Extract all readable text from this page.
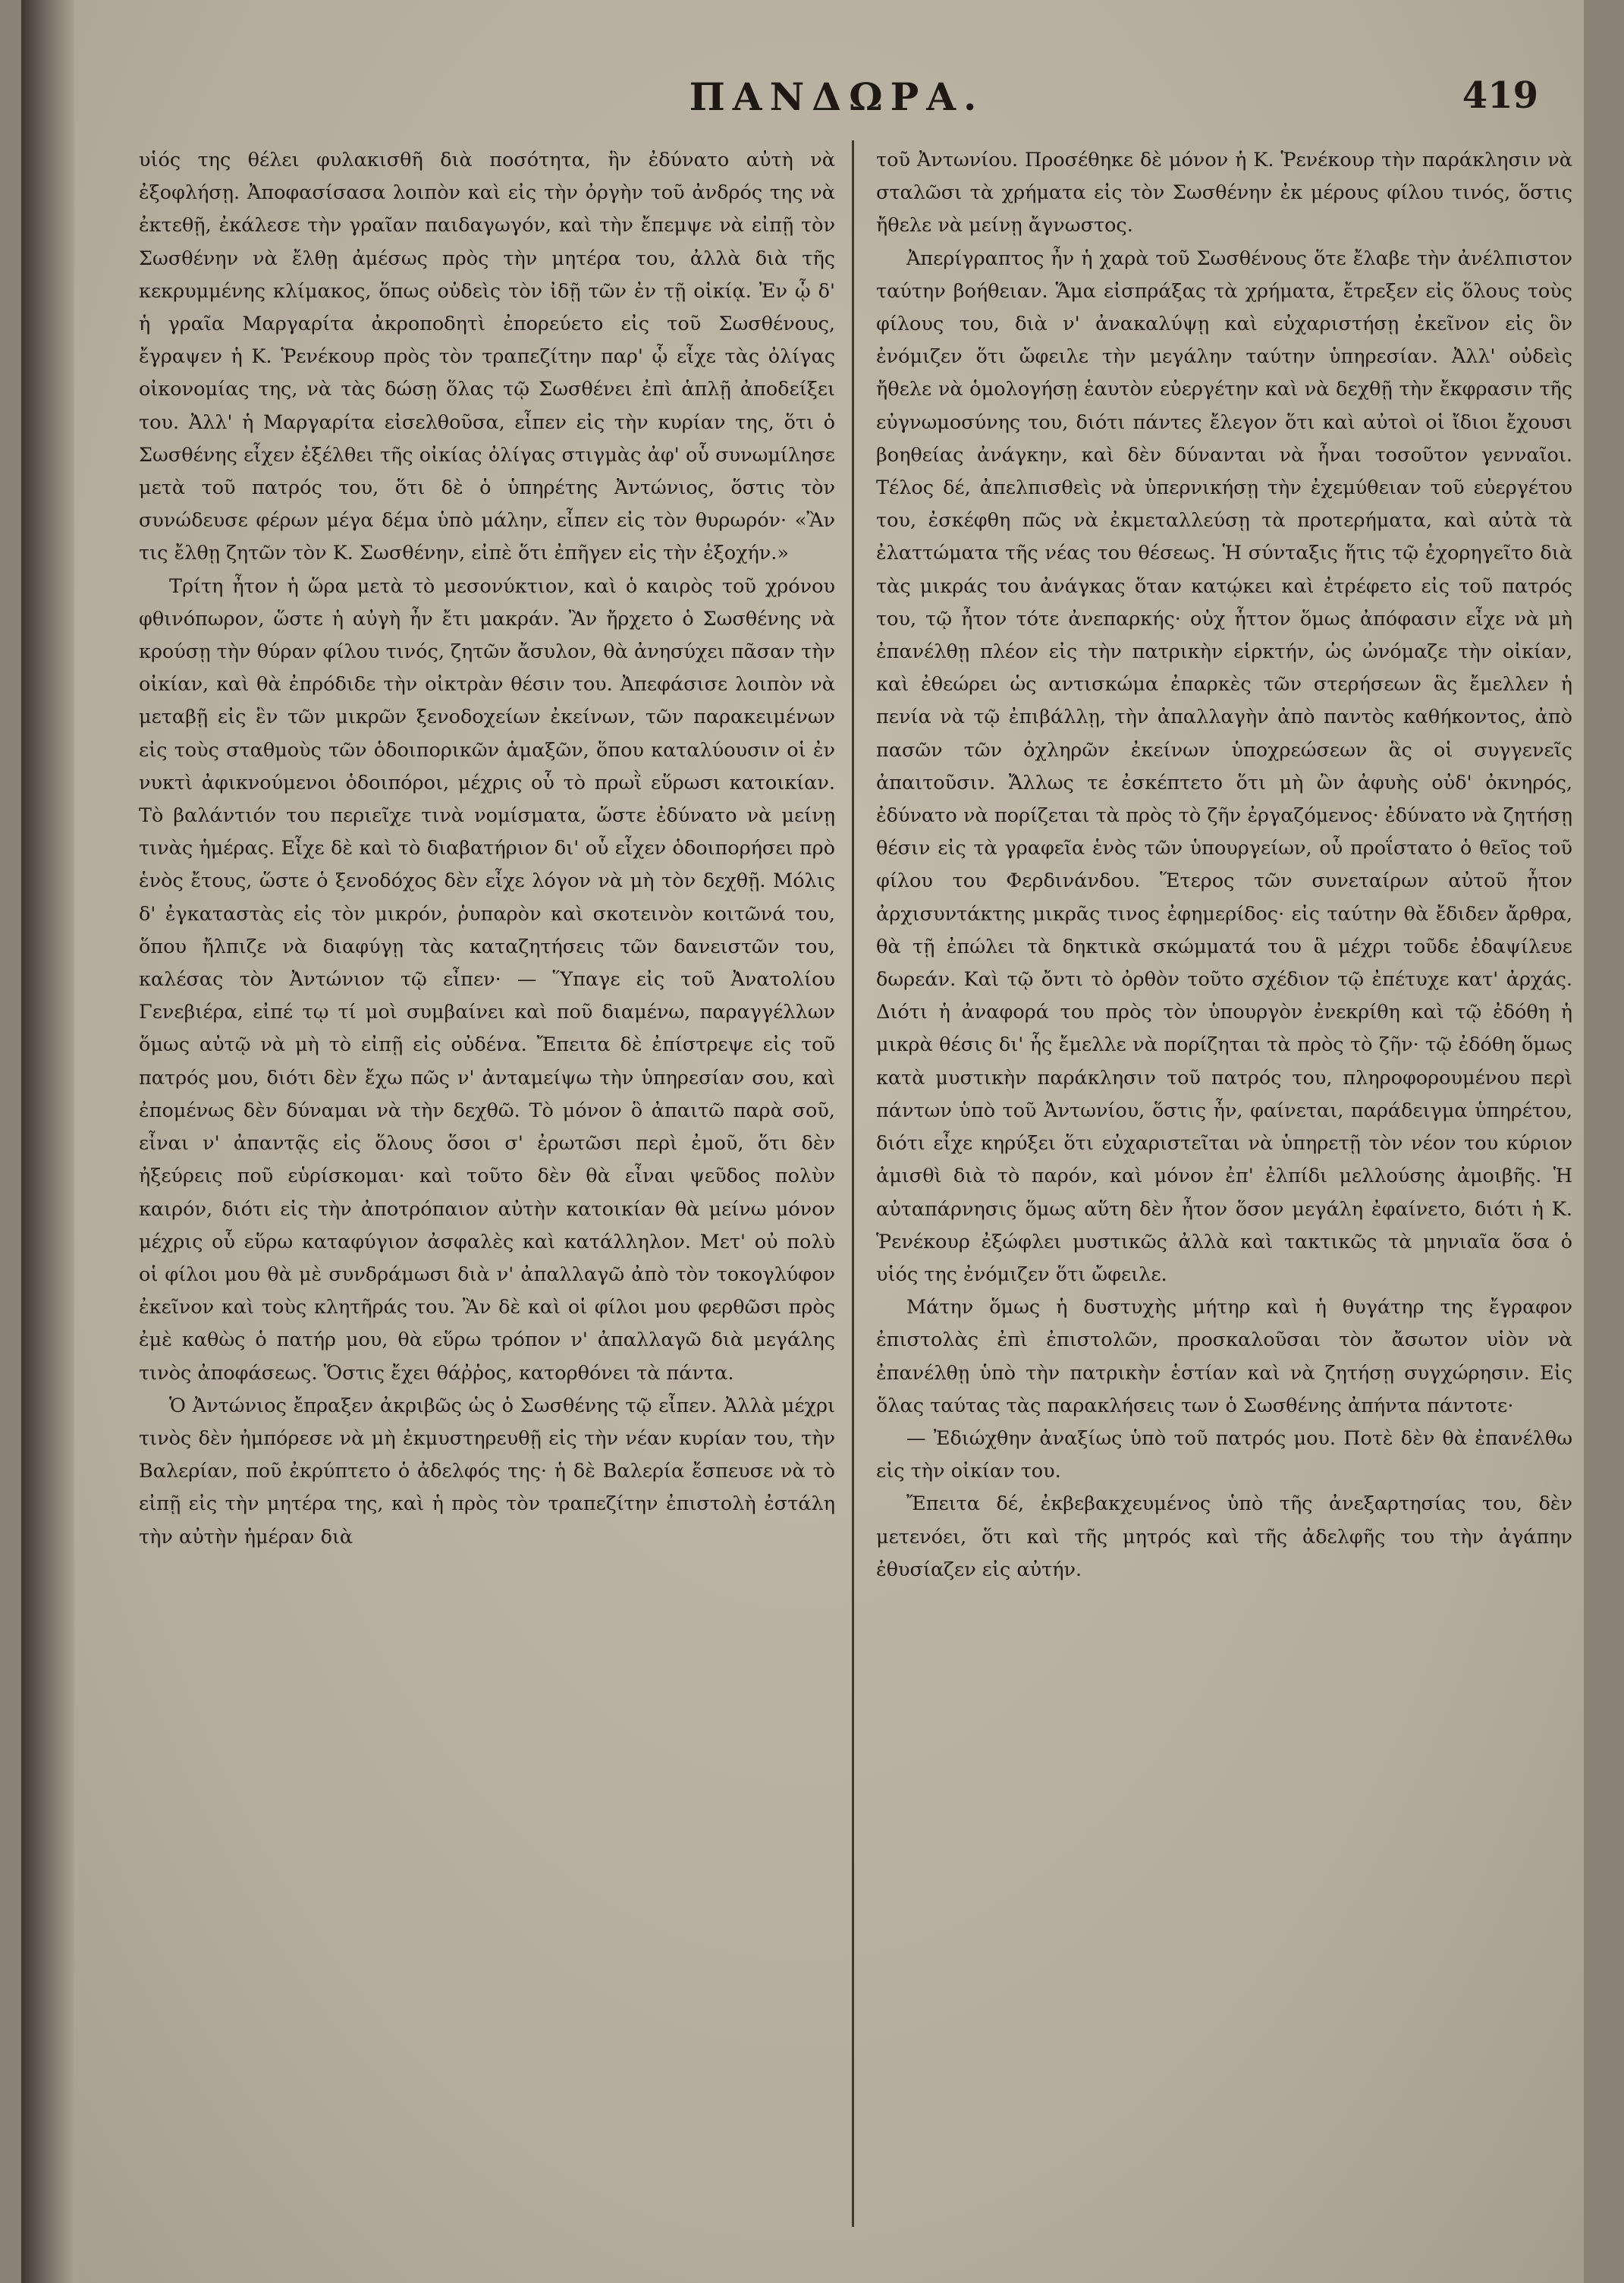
ΠΑΝΔΩΡΑ.	419

υἱός της θέλει φυλακισθῆ διὰ ποσότητα, ἣν ἐδύνατο αὐτὴ νὰ ἐξοφλήσῃ. Ἀποφασίσασα λοιπὸν καὶ εἰς τὴν ὀργὴν τοῦ ἀνδρός της νὰ ἐκτεθῇ, ἐκάλεσε τὴν γραῖαν παιδαγωγόν, καὶ τὴν ἔπεμψε νὰ εἰπῇ τὸν Σωσθένην νὰ ἔλθῃ ἀμέσως πρὸς τὴν μητέρα του, ἀλλὰ διὰ τῆς κεκρυμμένης κλίμακος, ὅπως οὐδεὶς τὸν ἰδῇ τῶν ἐν τῇ οἰκίᾳ. Ἐν ᾧ δ' ἡ γραῖα Μαργαρίτα ἀκροποδητὶ ἐπορεύετο εἰς τοῦ Σωσθένους, ἔγραψεν ἡ Κ. Ῥενέκουρ πρὸς τὸν τραπεζίτην παρ' ᾧ εἶχε τὰς ὀλίγας οἰκονομίας της, νὰ τὰς δώσῃ ὅλας τῷ Σωσθένει ἐπὶ ἁπλῇ ἀποδείξει του. Ἀλλ' ἡ Μαργαρίτα εἰσελθοῦσα, εἶπεν εἰς τὴν κυρίαν της, ὅτι ὁ Σωσθένης εἶχεν ἐξέλθει τῆς οἰκίας ὀλίγας στιγμὰς ἀφ' οὗ συνωμίλησε μετὰ τοῦ πατρός του, ὅτι δὲ ὁ ὑπηρέτης Ἀντώνιος, ὅστις τὸν συνώδευσε φέρων μέγα δέμα ὑπὸ μάλην, εἶπεν εἰς τὸν θυρωρόν· «Ἂν τις ἔλθῃ ζητῶν τὸν Κ. Σωσθένην, εἰπὲ ὅτι ἐπῆγεν εἰς τὴν ἐξοχήν.»

Τρίτη ἦτον ἡ ὥρα μετὰ τὸ μεσονύκτιον, καὶ ὁ καιρὸς τοῦ χρόνου φθινόπωρον, ὥστε ἡ αὐγὴ ἦν ἔτι μακράν. Ἂν ἤρχετο ὁ Σωσθένης νὰ κρούσῃ τὴν θύραν φίλου τινός, ζητῶν ἄσυλον, θὰ ἀνησύχει πᾶσαν τὴν οἰκίαν, καὶ θὰ ἐπρόδιδε τὴν οἰκτρὰν θέσιν του. Ἀπεφάσισε λοιπὸν νὰ μεταβῇ εἰς ἓν τῶν μικρῶν ξενοδοχείων ἐκείνων, τῶν παρακειμένων εἰς τοὺς σταθμοὺς τῶν ὁδοιπορικῶν ἁμαξῶν, ὅπου καταλύουσιν οἱ ἐν νυκτὶ ἀφικνούμενοι ὁδοιπόροι, μέχρις οὗ τὸ πρωῒ εὕρωσι κατοικίαν. Τὸ βαλάντιόν του περιεῖχε τινὰ νομίσματα, ὥστε ἐδύνατο νὰ μείνῃ τινὰς ἡμέρας. Εἶχε δὲ καὶ τὸ διαβατήριον δι' οὗ εἶχεν ὁδοιπορήσει πρὸ ἑνὸς ἔτους, ὥστε ὁ ξενοδόχος δὲν εἶχε λόγον νὰ μὴ τὸν δεχθῇ. Μόλις δ' ἐγκαταστὰς εἰς τὸν μικρόν, ῥυπαρὸν καὶ σκοτεινὸν κοιτῶνά του, ὅπου ἤλπιζε νὰ διαφύγῃ τὰς καταζητήσεις τῶν δανειστῶν του, καλέσας τὸν Ἀντώνιον τῷ εἶπεν· — Ὕπαγε εἰς τοῦ Ἀνατολίου Γενεβιέρα, εἰπέ τῳ τί μοὶ συμβαίνει καὶ ποῦ διαμένω, παραγγέλλων ὅμως αὐτῷ νὰ μὴ τὸ εἰπῇ εἰς οὐδένα. Ἔπειτα δὲ ἐπίστρεψε εἰς τοῦ πατρός μου, διότι δὲν ἔχω πῶς ν' ἀνταμείψω τὴν ὑπηρεσίαν σου, καὶ ἐπομένως δὲν δύναμαι νὰ τὴν δεχθῶ. Τὸ μόνον ὃ ἀπαιτῶ παρὰ σοῦ, εἶναι ν' ἀπαντᾷς εἰς ὅλους ὅσοι σ' ἐρωτῶσι περὶ ἐμοῦ, ὅτι δὲν ἠξεύρεις ποῦ εὑρίσκομαι· καὶ τοῦτο δὲν θὰ εἶναι ψεῦδος πολὺν καιρόν, διότι εἰς τὴν ἀποτρόπαιον αὐτὴν κατοικίαν θὰ μείνω μόνον μέχρις οὗ εὕρω καταφύγιον ἀσφαλὲς καὶ κατάλληλον. Μετ' οὐ πολὺ οἱ φίλοι μου θὰ μὲ συνδράμωσι διὰ ν' ἀπαλλαγῶ ἀπὸ τὸν τοκογλύφον ἐκεῖνον καὶ τοὺς κλητῆράς του. Ἂν δὲ καὶ οἱ φίλοι μου φερθῶσι πρὸς ἐμὲ καθὼς ὁ πατήρ μου, θὰ εὕρω τρόπον ν' ἀπαλλαγῶ διὰ μεγάλης τινὸς ἀποφάσεως. Ὅστις ἔχει θάῤῥος, κατορθόνει τὰ πάντα.

Ὁ Ἀντώνιος ἔπραξεν ἀκριβῶς ὡς ὁ Σωσθένης τῷ εἶπεν. Ἀλλὰ μέχρι τινὸς δὲν ἠμπόρεσε νὰ μὴ ἐκμυστηρευθῇ εἰς τὴν νέαν κυρίαν του, τὴν Βαλερίαν, ποῦ ἐκρύπτετο ὁ ἀδελφός της· ἡ δὲ Βαλερία ἔσπευσε νὰ τὸ εἰπῇ εἰς τὴν μητέρα της, καὶ ἡ πρὸς τὸν τραπεζίτην ἐπιστολὴ ἐστάλη τὴν αὐτὴν ἡμέραν διὰ

τοῦ Ἀντωνίου. Προσέθηκε δὲ μόνον ἡ Κ. Ῥενέκουρ τὴν παράκλησιν νὰ σταλῶσι τὰ χρήματα εἰς τὸν Σωσθένην ἐκ μέρους φίλου τινός, ὅστις ἤθελε νὰ μείνῃ ἄγνωστος.

Ἀπερίγραπτος ἦν ἡ χαρὰ τοῦ Σωσθένους ὅτε ἔλαβε τὴν ἀνέλπιστον ταύτην βοήθειαν. Ἅμα εἰσπράξας τὰ χρήματα, ἔτρεξεν εἰς ὅλους τοὺς φίλους του, διὰ ν' ἀνακαλύψῃ καὶ εὐχαριστήσῃ ἐκεῖνον εἰς ὃν ἐνόμιζεν ὅτι ὤφειλε τὴν μεγάλην ταύτην ὑπηρεσίαν. Ἀλλ' οὐδεὶς ἤθελε νὰ ὁμολογήσῃ ἑαυτὸν εὐεργέτην καὶ νὰ δεχθῇ τὴν ἔκφρασιν τῆς εὐγνωμοσύνης του, διότι πάντες ἔλεγον ὅτι καὶ αὐτοὶ οἱ ἴδιοι ἔχουσι βοηθείας ἀνάγκην, καὶ δὲν δύνανται νὰ ἦναι τοσοῦτον γενναῖοι. Τέλος δέ, ἀπελπισθεὶς νὰ ὑπερνικήσῃ τὴν ἐχεμύθειαν τοῦ εὐεργέτου του, ἐσκέφθη πῶς νὰ ἐκμεταλλεύσῃ τὰ προτερήματα, καὶ αὐτὰ τὰ ἐλαττώματα τῆς νέας του θέσεως. Ἡ σύνταξις ἥτις τῷ ἐχορηγεῖτο διὰ τὰς μικράς του ἀνάγκας ὅταν κατῴκει καὶ ἐτρέφετο εἰς τοῦ πατρός του, τῷ ἦτον τότε ἀνεπαρκής· οὐχ ἧττον ὅμως ἀπόφασιν εἶχε νὰ μὴ ἐπανέλθῃ πλέον εἰς τὴν πατρικὴν εἱρκτήν, ὡς ὠνόμαζε τὴν οἰκίαν, καὶ ἐθεώρει ὡς αντισκώμα ἐπαρκὲς τῶν στερήσεων ἃς ἔμελλεν ἡ πενία νὰ τῷ ἐπιβάλλῃ, τὴν ἀπαλλαγὴν ἀπὸ παντὸς καθήκοντος, ἀπὸ πασῶν τῶν ὀχληρῶν ἐκείνων ὑποχρεώσεων ἃς οἱ συγγενεῖς ἀπαιτοῦσιν. Ἄλλως τε ἐσκέπτετο ὅτι μὴ ὢν ἀφυὴς οὐδ' ὀκνηρός, ἐδύνατο νὰ πορίζεται τὰ πρὸς τὸ ζῆν ἐργαζόμενος· ἐδύνατο νὰ ζητήσῃ θέσιν εἰς τὰ γραφεῖα ἑνὸς τῶν ὑπουργείων, οὗ προΐστατο ὁ θεῖος τοῦ φίλου του Φερδινάνδου. Ἕτερος τῶν συνεταίρων αὐτοῦ ἦτον ἀρχισυντάκτης μικρᾶς τινος ἐφημερίδος· εἰς ταύτην θὰ ἔδιδεν ἄρθρα, θὰ τῇ ἐπώλει τὰ δηκτικὰ σκώμματά του ἃ μέχρι τοῦδε ἐδαψίλευε δωρεάν. Καὶ τῷ ὄντι τὸ ὀρθὸν τοῦτο σχέδιον τῷ ἐπέτυχε κατ' ἀρχάς. Διότι ἡ ἀναφορά του πρὸς τὸν ὑπουργὸν ἐνεκρίθη καὶ τῷ ἐδόθη ἡ μικρὰ θέσις δι' ἧς ἔμελλε νὰ πορίζηται τὰ πρὸς τὸ ζῆν· τῷ ἐδόθη ὅμως κατὰ μυστικὴν παράκλησιν τοῦ πατρός του, πληροφορουμένου περὶ πάντων ὑπὸ τοῦ Ἀντωνίου, ὅστις ἦν, φαίνεται, παράδειγμα ὑπηρέτου, διότι εἶχε κηρύξει ὅτι εὐχαριστεῖται νὰ ὑπηρετῇ τὸν νέον του κύριον ἀμισθὶ διὰ τὸ παρόν, καὶ μόνον ἐπ' ἐλπίδι μελλούσης ἀμοιβῆς. Ἡ αὐταπάρνησις ὅμως αὕτη δὲν ἦτον ὅσον μεγάλη ἐφαίνετο, διότι ἡ Κ. Ῥενέκουρ ἐξώφλει μυστικῶς ἀλλὰ καὶ τακτικῶς τὰ μηνιαῖα ὅσα ὁ υἱός της ἐνόμιζεν ὅτι ὤφειλε.

Μάτην ὅμως ἡ δυστυχὴς μήτηρ καὶ ἡ θυγάτηρ της ἔγραφον ἐπιστολὰς ἐπὶ ἐπιστολῶν, προσκαλοῦσαι τὸν ἄσωτον υἱὸν νὰ ἐπανέλθῃ ὑπὸ τὴν πατρικὴν ἑστίαν καὶ νὰ ζητήσῃ συγχώρησιν. Εἰς ὅλας ταύτας τὰς παρακλήσεις των ὁ Σωσθένης ἀπήντα πάντοτε·

— Ἐδιώχθην ἀναξίως ὑπὸ τοῦ πατρός μου. Ποτὲ δὲν θὰ ἐπανέλθω εἰς τὴν οἰκίαν του.

Ἔπειτα δέ, ἐκβεβακχευμένος ὑπὸ τῆς ἀνεξαρτησίας του, δὲν μετενόει, ὅτι καὶ τῆς μητρός καὶ τῆς ἀδελφῆς του τὴν ἀγάπην ἐθυσίαζεν εἰς αὐτήν.
